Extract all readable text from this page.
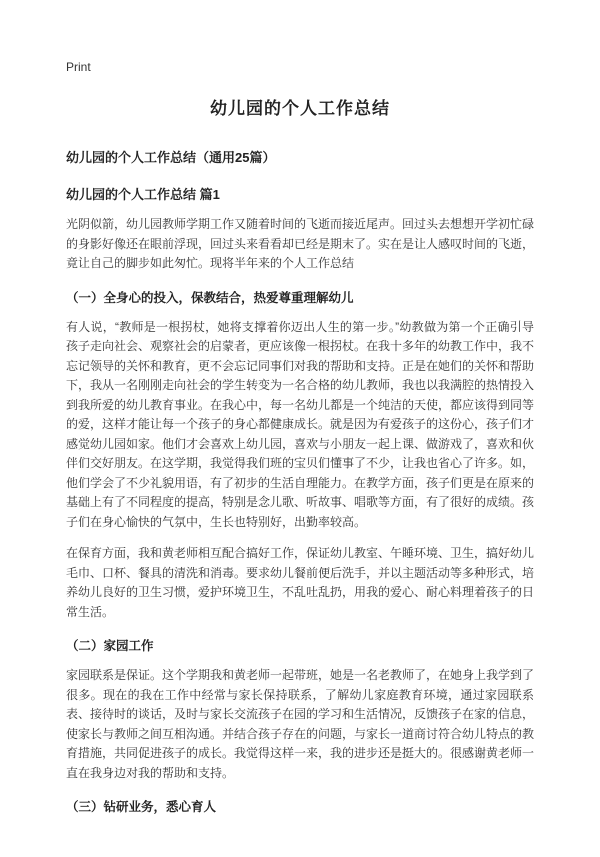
Print
幼儿园的个人工作总结
幼儿园的个人工作总结（通用25篇）
幼儿园的个人工作总结 篇1

光阴似箭，幼儿园教师学期工作又随着时间的飞逝而接近尾声。回过头去想想开学初忙碌的身影好像还在眼前浮现，回过头来看看却已经是期末了。实在是让人感叹时间的飞逝，竟让自己的脚步如此匆忙。现将半年来的个人工作总结

（一）全身心的投入，保教结合，热爱尊重理解幼儿

有人说，“教师是一根拐杖，她将支撑着你迈出人生的第一步。”幼教做为第一个正确引导孩子走向社会、观察社会的启蒙者，更应该像一根拐杖。在我十多年的幼教工作中，我不忘记领导的关怀和教育，更不会忘记同事们对我的帮助和支持。正是在她们的关怀和帮助下，我从一名刚刚走向社会的学生转变为一名合格的幼儿教师，我也以我满腔的热情投入到我所爱的幼儿教育事业。在我心中，每一名幼儿都是一个纯洁的天使，都应该得到同等的爱，这样才能让每一个孩子的身心都健康成长。就是因为有爱孩子的这份心，孩子们才感觉幼儿园如家。他们才会喜欢上幼儿园，喜欢与小朋友一起上课、做游戏了，喜欢和伙伴们交好朋友。在这学期，我觉得我们班的宝贝们懂事了不少，让我也省心了许多。如，他们学会了不少礼貌用语，有了初步的生活自理能力。在教学方面，孩子们更是在原来的基础上有了不同程度的提高，特别是念儿歌、听故事、唱歌等方面，有了很好的成绩。孩子们在身心愉快的气氛中，生长也特别好，出勤率较高。

在保育方面，我和黄老师相互配合搞好工作，保证幼儿教室、午睡环境、卫生，搞好幼儿毛巾、口杯、餐具的清洗和消毒。要求幼儿餐前便后洗手，并以主题活动等多种形式，培养幼儿良好的卫生习惯，爱护环境卫生，不乱吐乱扔，用我的爱心、耐心料理着孩子的日常生活。

（二）家园工作

家园联系是保证。这个学期我和黄老师一起带班，她是一名老教师了，在她身上我学到了很多。现在的我在工作中经常与家长保持联系，了解幼儿家庭教育环境，通过家园联系表、接待时的谈话，及时与家长交流孩子在园的学习和生活情况，反馈孩子在家的信息，使家长与教师之间互相沟通。并结合孩子存在的问题，与家长一道商讨符合幼儿特点的教育措施，共同促进孩子的成长。我觉得这样一来，我的进步还是挺大的。很感谢黄老师一直在我身边对我的帮助和支持。

（三）钻研业务，悉心育人
